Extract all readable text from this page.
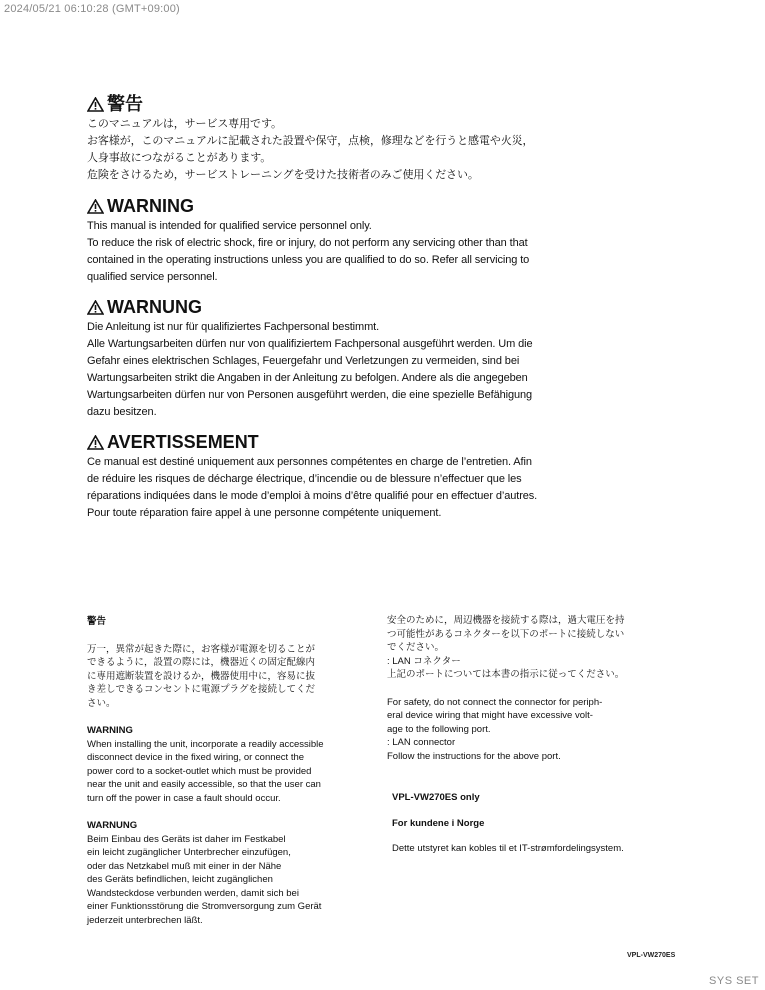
2024/05/21 06:10:28 (GMT+09:00)
警告
このマニュアルは，サービス専用です。
お客様が，このマニュアルに記載された設置や保守，点検，修理などを行うと感電や火災，
人身事故につながることがあります。
危険をさけるため，サービストレーニングを受けた技術者のみご使用ください。
WARNING
This manual is intended for qualified service personnel only.
To reduce the risk of electric shock, fire or injury, do not perform any servicing other than that
contained in the operating instructions unless you are qualified to do so. Refer all servicing to
qualified service personnel.
WARNUNG
Die Anleitung ist nur für qualifiziertes Fachpersonal bestimmt.
Alle Wartungsarbeiten dürfen nur von qualifiziertem Fachpersonal ausgeführt werden. Um die
Gefahr eines elektrischen Schlages, Feuergefahr und Verletzungen zu vermeiden, sind bei
Wartungsarbeiten strikt die Angaben in der Anleitung zu befolgen. Andere als die angegeben
Wartungsarbeiten dürfen nur von Personen ausgeführt werden, die eine spezielle Befähigung
dazu besitzen.
AVERTISSEMENT
Ce manual est destiné uniquement aux personnes compétentes en charge de l’entretien. Afin
de réduire les risques de décharge électrique, d’incendie ou de blessure n’effectuer que les
réparations indiquées dans le mode d’emploi à moins d’être qualifié pour en effectuer d’autres.
Pour toute réparation faire appel à une personne compétente uniquement.
警告
万一，異常が起きた際に，お客様が電源を切ることが
できるように，設置の際には，機器近くの固定配線内
に専用遮断装置を設けるか，機器使用中に，容易に抜
き差しできるコンセントに電源プラグを接続してくだ
さい。
WARNING
When installing the unit, incorporate a readily accessible
disconnect device in the fixed wiring, or connect the
power cord to a socket-outlet which must be provided
near the unit and easily accessible, so that the user can
turn off the power in case a fault should occur.
WARNUNG
Beim Einbau des Geräts ist daher im Festkabel
ein leicht zugänglicher Unterbrecher einzufügen,
oder das Netzkabel muß mit einer in der Nähe
des Geräts befindlichen, leicht zugänglichen
Wandsteckdose verbunden werden, damit sich bei
einer Funktionsstörung die Stromversorgung zum Gerät
jederzeit unterbrechen läßt.
安全のために，周辺機器を接続する際は，過大電圧を持
つ可能性があるコネクターを以下のポートに接続しない
でください。
: LAN コネクター
上記のポートについては本書の指示に従ってください。
For safety, do not connect the connector for periph-
eral device wiring that might have excessive volt-
age to the following port.
: LAN connector
Follow the instructions for the above port.
VPL-VW270ES only
For kundene i Norge
Dette utstyret kan kobles til et IT-strømfordelingsystem.
VPL-VW270ES
SYS SET
